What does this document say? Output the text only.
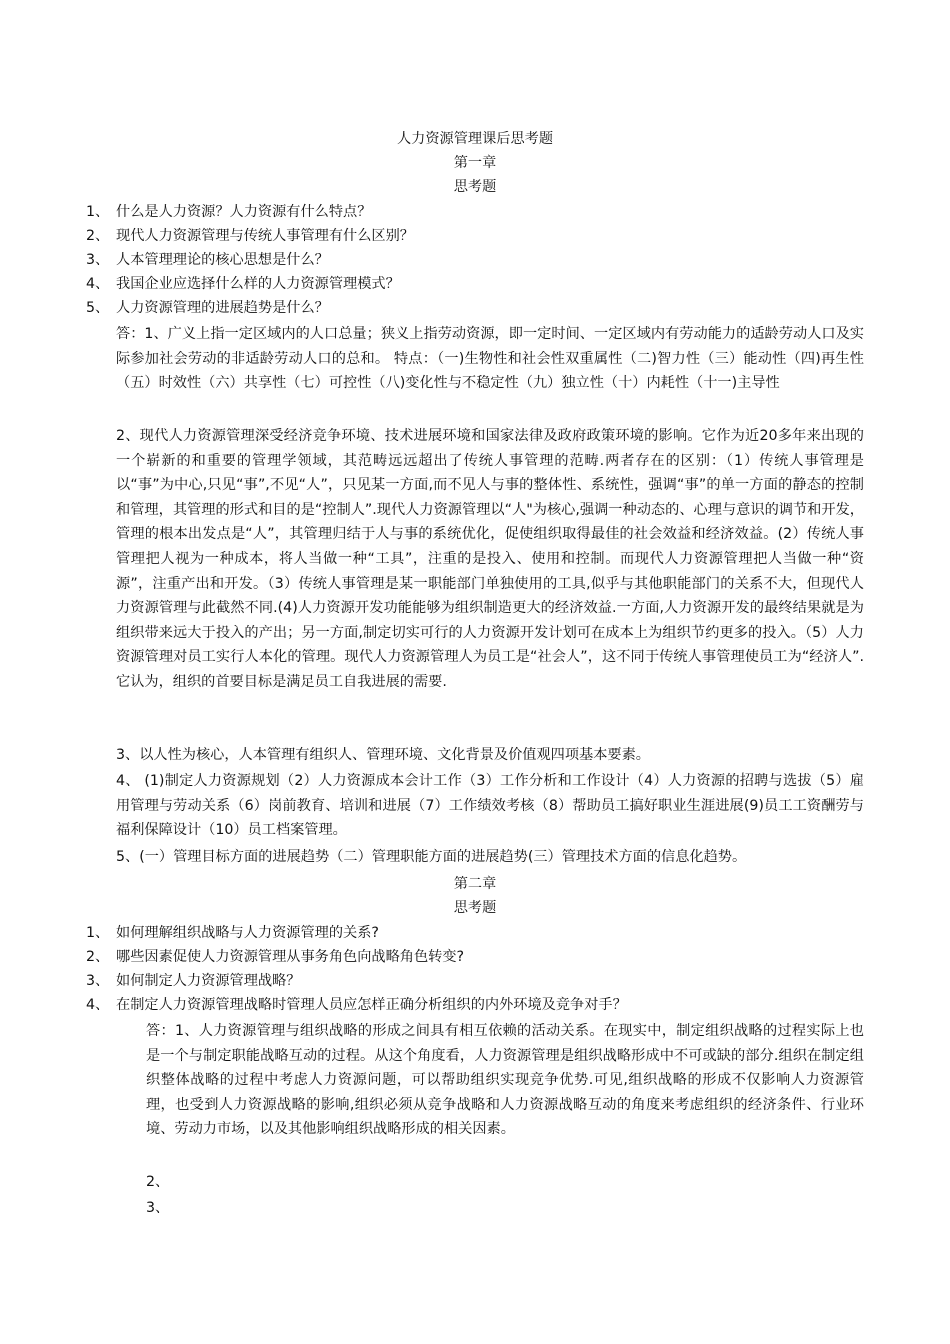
人力资源管理课后思考题
第一章
思考题
1、 什么是人力资源？人力资源有什么特点？
2、 现代人力资源管理与传统人事管理有什么区别？
3、 人本管理理论的核心思想是什么？
4、 我国企业应选择什么样的人力资源管理模式？
5、 人力资源管理的进展趋势是什么？
答：1、广义上指一定区域内的人口总量；狭义上指劳动资源，即一定时间、一定区域内有劳动能力的适龄劳动人口及实际参加社会劳动的非适龄劳动人口的总和。 特点：（一)生物性和社会性双重属性（二)智力性（三）能动性（四)再生性（五）时效性（六）共享性（七）可控性（八)变化性与不稳定性（九）独立性（十）内耗性（十一)主导性
2、现代人力资源管理深受经济竞争环境、技术进展环境和国家法律及政府政策环境的影响。它作为近20多年来出现的一个崭新的和重要的管理学领域，其范畴远远超出了传统人事管理的范畴.两者存在的区别：（1）传统人事管理是以“事”为中心,只见“事”,不见“人”，只见某一方面,而不见人与事的整体性、系统性，强调“事”的单一方面的静态的控制和管理，其管理的形式和目的是“控制人”.现代人力资源管理以“人"为核心,强调一种动态的、心理与意识的调节和开发，管理的根本出发点是“人”，其管理归结于人与事的系统优化，促使组织取得最佳的社会效益和经济效益。(2）传统人事管理把人视为一种成本，将人当做一种“工具”，注重的是投入、使用和控制。而现代人力资源管理把人当做一种“资源”，注重产出和开发。（3）传统人事管理是某一职能部门单独使用的工具,似乎与其他职能部门的关系不大，但现代人力资源管理与此截然不同.(4)人力资源开发功能能够为组织制造更大的经济效益.一方面,人力资源开发的最终结果就是为组织带来远大于投入的产出；另一方面,制定切实可行的人力资源开发计划可在成本上为组织节约更多的投入。（5）人力资源管理对员工实行人本化的管理。现代人力资源管理人为员工是“社会人”，这不同于传统人事管理使员工为“经济人”.它认为，组织的首要目标是满足员工自我进展的需要.
3、以人性为核心，人本管理有组织人、管理环境、文化背景及价值观四项基本要素。
4、 (1)制定人力资源规划（2）人力资源成本会计工作（3）工作分析和工作设计（4）人力资源的招聘与选拔（5）雇用管理与劳动关系（6）岗前教育、培训和进展（7）工作绩效考核（8）帮助员工搞好职业生涯进展(9)员工工资酬劳与福利保障设计（10）员工档案管理。
5、(一）管理目标方面的进展趋势（二）管理职能方面的进展趋势(三）管理技术方面的信息化趋势。
第二章
思考题
1、 如何理解组织战略与人力资源管理的关系?
2、 哪些因素促使人力资源管理从事务角色向战略角色转变?
3、 如何制定人力资源管理战略？
4、 在制定人力资源管理战略时管理人员应怎样正确分析组织的内外环境及竞争对手？
答：1、人力资源管理与组织战略的形成之间具有相互依赖的活动关系。在现实中，制定组织战略的过程实际上也是一个与制定职能战略互动的过程。从这个角度看，人力资源管理是组织战略形成中不可或缺的部分.组织在制定组织整体战略的过程中考虑人力资源问题，可以帮助组织实现竞争优势.可见,组织战略的形成不仅影响人力资源管理，也受到人力资源战略的影响,组织必须从竞争战略和人力资源战略互动的角度来考虑组织的经济条件、行业环境、劳动力市场，以及其他影响组织战略形成的相关因素。
2、
3、
